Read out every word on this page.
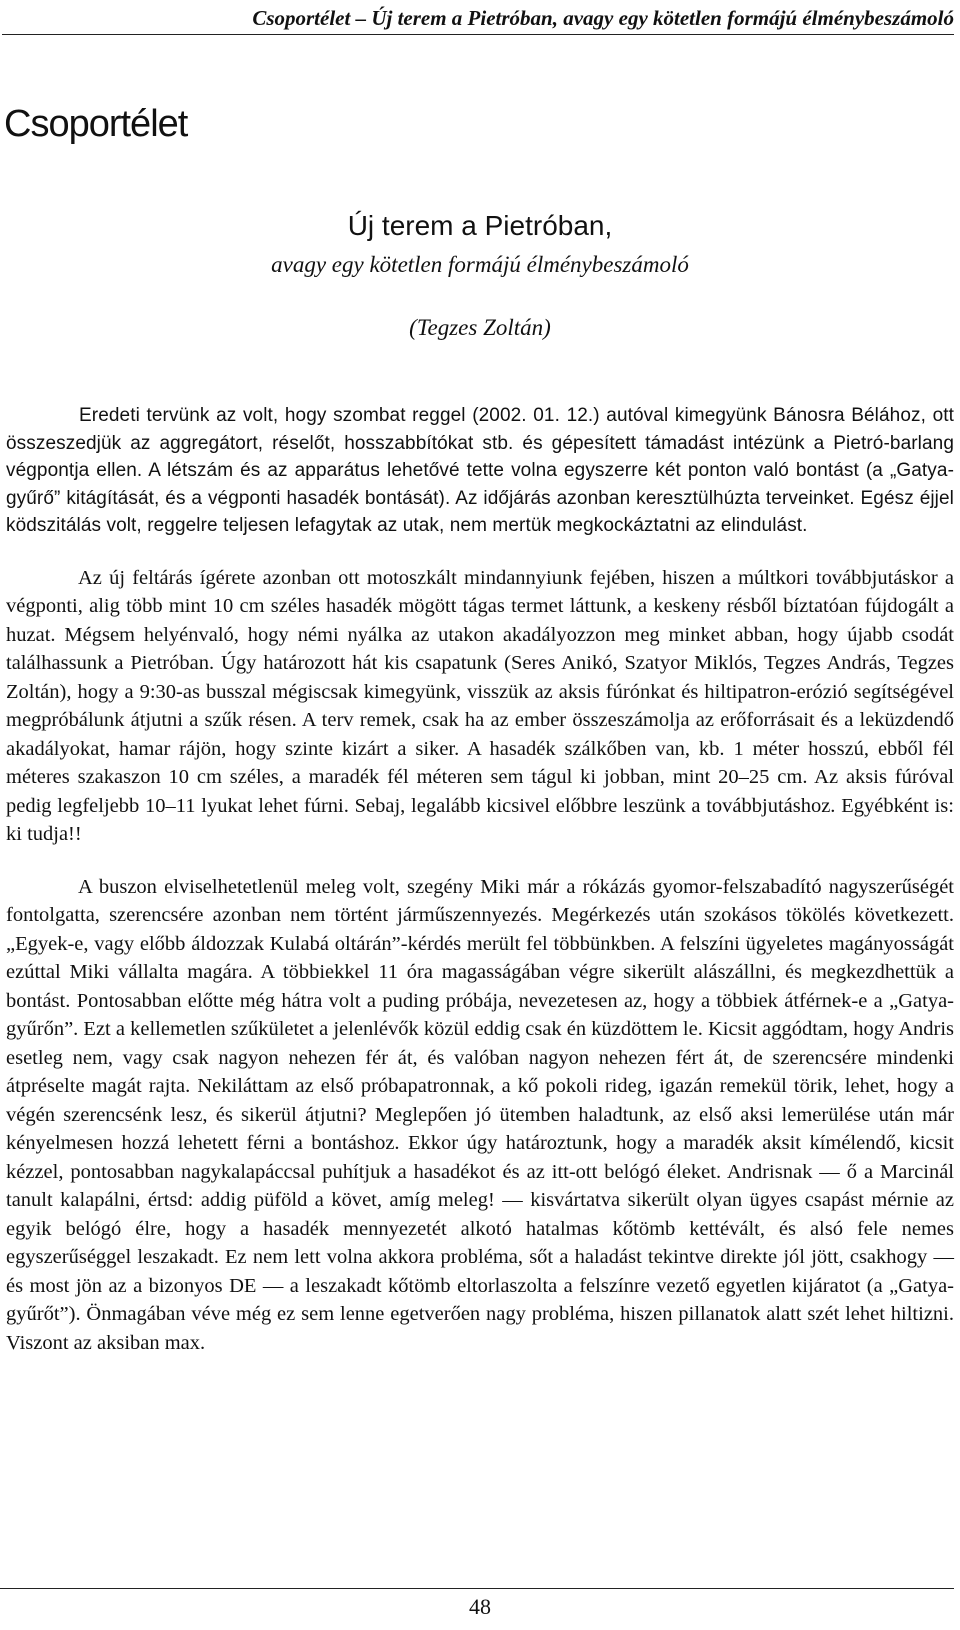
Csoportélet – Új terem a Pietróban, avagy egy kötetlen formájú élménybeszámoló
Csoportélet
Új terem a Pietróban,
avagy egy kötetlen formájú élménybeszámoló
(Tegzes Zoltán)

Eredeti tervünk az volt, hogy szombat reggel (2002. 01. 12.) autóval kimegyünk Bánosra Bélához, ott összeszedjük az aggregátort, réselőt, hosszabbítókat stb. és gépesített támadást intézünk a Pietró-barlang végpontja ellen. A létszám és az apparátus lehetővé tette volna egyszerre két ponton való bontást (a „Gatya-gyűrő” kitágítását, és a végponti hasadék bontását). Az időjárás azonban keresztülhúzta terveinket. Egész éjjel ködszitálás volt, reggelre teljesen lefagytak az utak, nem mertük megkockáztatni az elindulást.

Az új feltárás ígérete azonban ott motoszkált mindannyiunk fejében, hiszen a múltkori továbbjutáskor a végponti, alig több mint 10 cm széles hasadék mögött tágas termet láttunk, a keskeny résből bíztatóan fújdogált a huzat. Mégsem helyénvaló, hogy némi nyálka az utakon akadályozzon meg minket abban, hogy újabb csodát találhassunk a Pietróban. Úgy határozott hát kis csapatunk (Seres Anikó, Szatyor Miklós, Tegzes András, Tegzes Zoltán), hogy a 9:30-as busszal mégiscsak kimegyünk, visszük az aksis fúrónkat és hiltipatron-erózió segítségével megpróbálunk átjutni a szűk résen. A terv remek, csak ha az ember összeszámolja az erőforrásait és a leküzdendő akadályokat, hamar rájön, hogy szinte kizárt a siker. A hasadék szálkőben van, kb. 1 méter hosszú, ebből fél méteres szakaszon 10 cm széles, a maradék fél méteren sem tágul ki jobban, mint 20–25 cm. Az aksis fúróval pedig legfeljebb 10–11 lyukat lehet fúrni. Sebaj, legalább kicsivel előbbre leszünk a továbbjutáshoz. Egyébként is: ki tudja!!

A buszon elviselhetetlenül meleg volt, szegény Miki már a rókázás gyomor-felszabadító nagyszerűségét fontolgatta, szerencsére azonban nem történt járműszennyezés. Megérkezés után szokásos tökölés következett. „Egyek-e, vagy előbb áldozzak Kulabá oltárán”-kérdés merült fel többünkben. A felszíni ügyeletes magányosságát ezúttal Miki vállalta magára. A többiekkel 11 óra magasságában végre sikerült alászállni, és megkezdhettük a bontást. Pontosabban előtte még hátra volt a puding próbája, nevezetesen az, hogy a többiek átférnek-e a „Gatya-gyűrőn”. Ezt a kellemetlen szűkületet a jelenlévők közül eddig csak én küzdöttem le. Kicsit aggódtam, hogy Andris esetleg nem, vagy csak nagyon nehezen fér át, és valóban nagyon nehezen fért át, de szerencsére mindenki átpréselte magát rajta. Nekiláttam az első próbapatronnak, a kő pokoli rideg, igazán remekül törik, lehet, hogy a végén szerencsénk lesz, és sikerül átjutni? Meglepően jó ütemben haladtunk, az első aksi lemerülése után már kényelmesen hozzá lehetett férni a bontáshoz. Ekkor úgy határoztunk, hogy a maradék aksit kímélendő, kicsit kézzel, pontosabban nagykalapáccsal puhítjuk a hasadékot és az itt-ott belógó éleket. Andrisnak — ő a Marcinál tanult kalapálni, értsd: addig püföld a követ, amíg meleg! — kisvártatva sikerült olyan ügyes csapást mérnie az egyik belógó élre, hogy a hasadék mennyezetét alkotó hatalmas kőtömb kettévált, és alsó fele nemes egyszerűséggel leszakadt. Ez nem lett volna akkora probléma, sőt a haladást tekintve direkte jól jött, csakhogy — és most jön az a bizonyos DE — a leszakadt kőtömb eltorlaszolta a felszínre vezető egyetlen kijáratot (a „Gatya-gyűrőt”). Önmagában véve még ez sem lenne egetverően nagy probléma, hiszen pillanatok alatt szét lehet hiltizni. Viszont az aksiban max.

48
